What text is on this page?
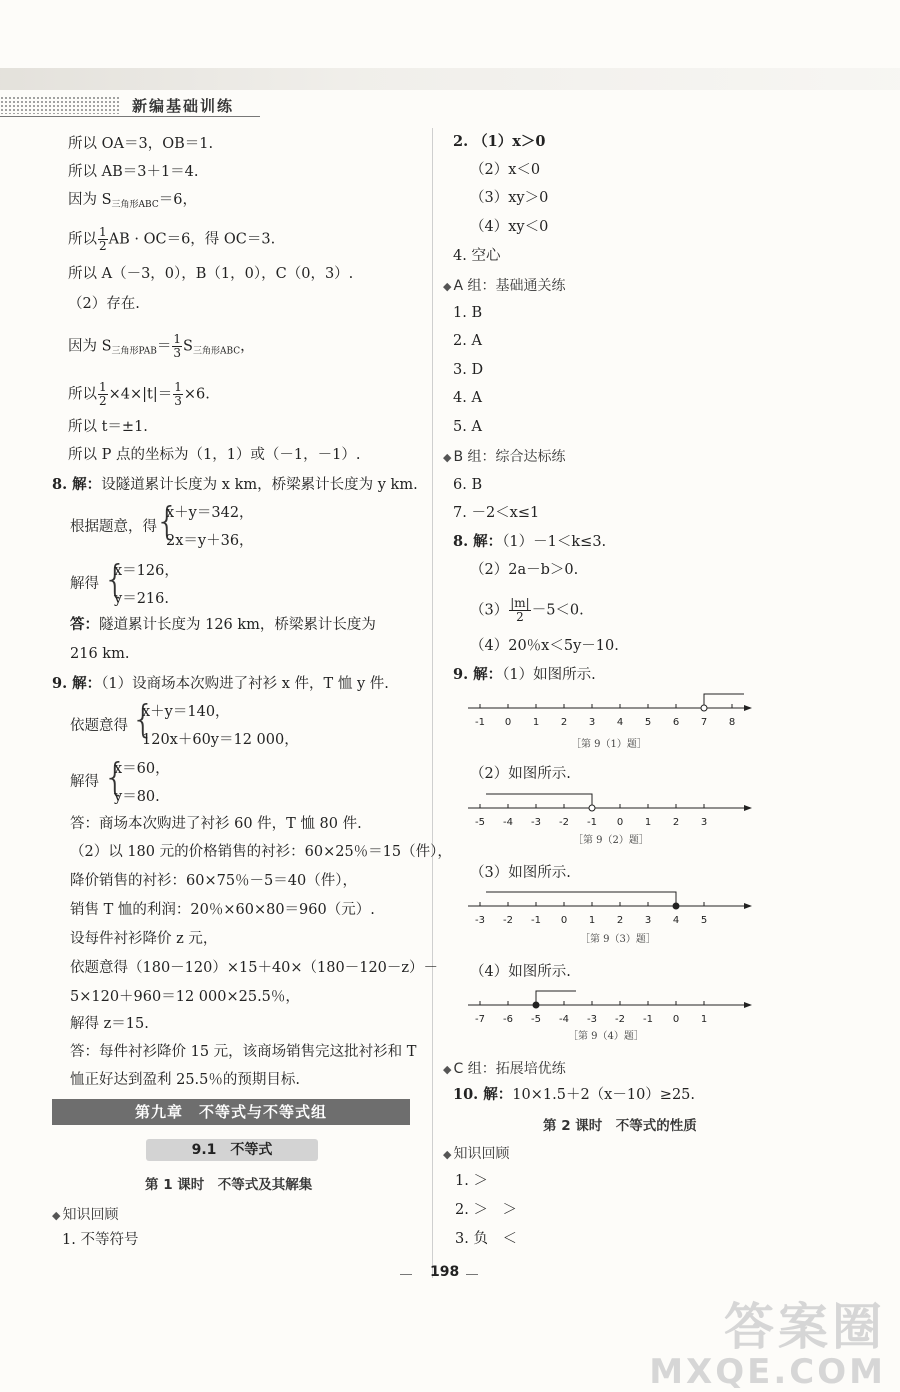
新编基础训练
所以 OA＝3，OB＝1.
所以 AB＝3＋1＝4.
因为 $S_{三角形ABC}=6$，
所以 $\frac{1}{2}$ AB · OC＝6，得 OC＝3.
所以 A（－3，0），B（1，0），C（0，3）.
（2）存在.
因为 $S_{三角形PAB}= \frac{1}{3} S_{三角形ABC}$，
所以 $\frac{1}{2} \times 4\times|t|= \frac{1}{3} \times 6$.
所以 t＝±1.
所以 P 点的坐标为（1，1）或（－1，－1）.
8. 解：设隧道累计长度为 x km，桥梁累计长度为 y km.
根据题意，得
{
x＋y＝342，
2x＝y＋36，
解得 {
x＝126，
y＝216.
答：隧道累计长度为 126 km，桥梁累计长度为
216 km.
9. 解：（1）设商场本次购进了衬衫 x 件，T 恤 y 件.
依题意得 {
x＋y＝140，
120x＋60y＝12 000，
解得 {
x＝60，
y＝80.
答：商场本次购进了衬衫 60 件，T 恤 80 件.
（2）以 180 元的价格销售的衬衫：60×25％＝15（件），
降价销售的衬衫：60×75％－5＝40（件），
销售 T 恤的利润：20％×60×80＝960（元）.
设每件衬衫降价 z 元，
依题意得（180－120）×15＋40×（180－120－z）－
5×120＋960＝12 000×25.5％，
解得 z＝15.
答：每件衬衫降价 15 元，该商场销售完这批衬衫和 T
恤正好达到盈利 25.5％的预期目标.
第九章　不等式与不等式组
9.1　不等式
第 1 课时　不等式及其解集
◆ 知识回顾
1. 不等符号
2. （1）x＞0
（2）x＜0
（3）xy＞0
（4）xy＜0
4. 空心
◆ A 组：基础通关练
1. B
2. A
3. D
4. A
5. A
◆ B 组：综合达标练
6. B
7. －2＜x≤1
8. 解：（1）－1＜k≤3.
（2）2a－b＞0.
$(3) \frac{|m|}{2} -5<0$.
（4）20％x＜5y－10.
9. 解：（1）如图所示.
-1 0 1 2 3 4 5 6 7 8
［第 9（1）题］
（2）如图所示.
-5 -4 -3 -2 -1 0 1 2 3
［第 9（2）题］
（3）如图所示.
-3 -2 -1 0 1 2 3 4 5
［第 9（3）题］
（4）如图所示.
-7 -6 -5 -4 -3 -2 -1 0 1
［第 9（4）题］
◆ C 组：拓展培优练
10. 解：10×1.5＋2（x－10）≥25.
第 2 课时　不等式的性质
◆ 知识回顾
1. ＞
2. ＞　＞
3. 负　＜
198
答案圈
MXQE.COM
